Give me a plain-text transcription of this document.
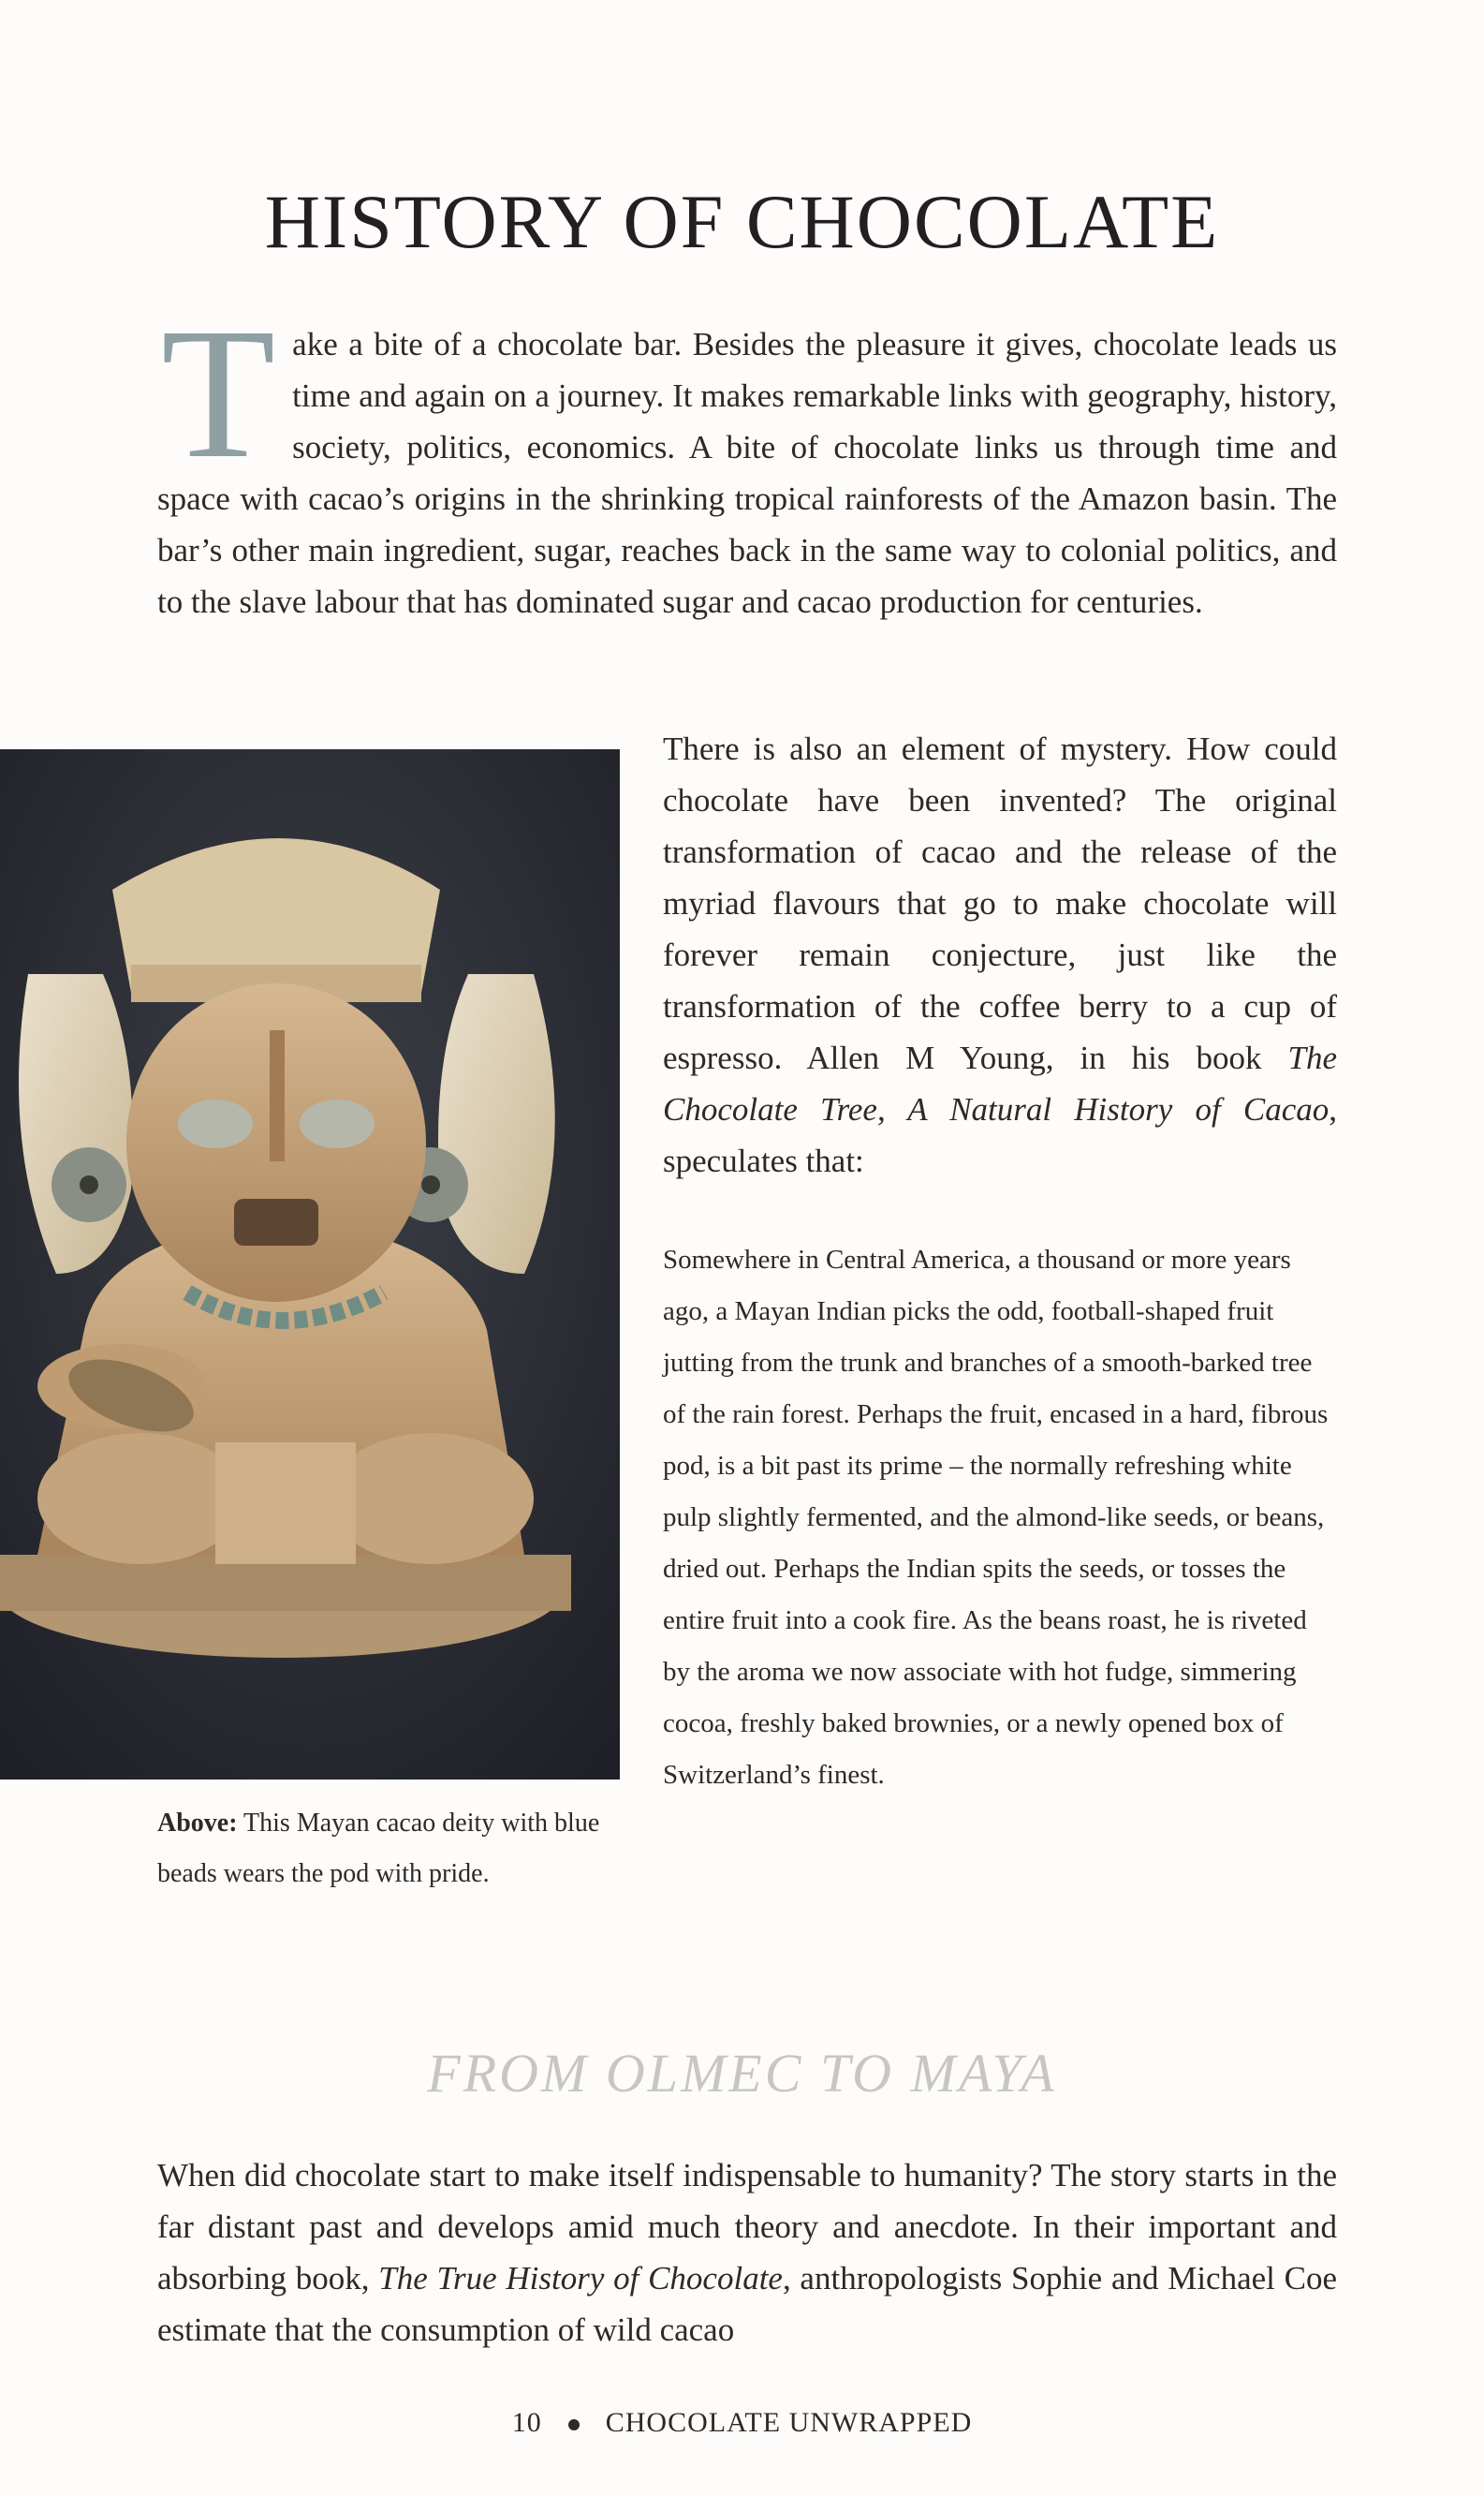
HISTORY OF CHOCOLATE
Take a bite of a chocolate bar. Besides the pleasure it gives, chocolate leads us time and again on a journey. It makes remarkable links with geography, history, society, politics, economics. A bite of chocolate links us through time and space with cacao’s origins in the shrinking tropical rainforests of the Amazon basin. The bar’s other main ingredient, sugar, reaches back in the same way to colonial politics, and to the slave labour that has dominated sugar and cacao production for centuries.
Above: This Mayan cacao deity with blue beads wears the pod with pride.
There is also an element of mystery. How could chocolate have been invented? The original transformation of cacao and the release of the myriad flavours that go to make chocolate will forever remain conjecture, just like the transformation of the coffee berry to a cup of espresso. Allen M Young, in his book The Chocolate Tree, A Natural History of Cacao, speculates that:
Somewhere in Central America, a thousand or more years ago, a Mayan Indian picks the odd, football-shaped fruit jutting from the trunk and branches of a smooth-barked tree of the rain forest. Perhaps the fruit, encased in a hard, fibrous pod, is a bit past its prime – the normally refreshing white pulp slightly fermented, and the almond-like seeds, or beans, dried out. Perhaps the Indian spits the seeds, or tosses the entire fruit into a cook fire. As the beans roast, he is riveted by the aroma we now associate with hot fudge, simmering cocoa, freshly baked brownies, or a newly opened box of Switzerland’s finest.
FROM OLMEC TO MAYA
When did chocolate start to make itself indispensable to humanity? The story starts in the far distant past and develops amid much theory and anecdote. In their important and absorbing book, The True History of Chocolate, anthropologists Sophie and Michael Coe estimate that the consumption of wild cacao
10 CHOCOLATE UNWRAPPED
